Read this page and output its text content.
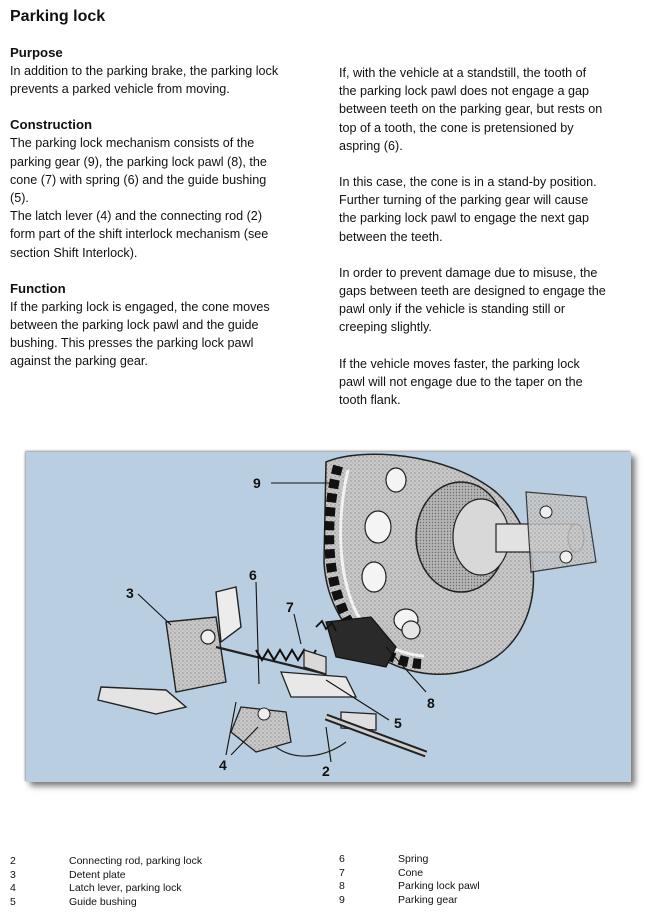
Parking lock
Purpose

In addition to the parking brake, the parking lock

prevents a parked vehicle from moving.

Construction

The parking lock mechanism consists of the

parking gear (9), the parking lock pawl (8), the

cone (7) with spring (6) and the guide bushing

(5).

The latch lever (4) and the connecting rod (2)

form part of the shift interlock mechanism (see

section Shift Interlock).

Function

If the parking lock is engaged, the cone moves

between the parking lock pawl and the guide

bushing. This presses the parking lock pawl

against the parking gear.

If, with the vehicle at a standstill, the tooth of

the parking lock pawl does not engage a gap

between teeth on the parking gear, but rests on

top of a tooth, the cone is pretensioned by

aspring (6).

In this case, the cone is in a stand-by position.

Further turning of the parking gear will cause

the parking lock pawl to engage the next gap

between the teeth.

In order to prevent damage due to misuse, the

gaps between teeth are designed to engage the

pawl only if the vehicle is standing still or

creeping slightly.

If the vehicle moves faster, the parking lock

pawl will not engage due to the taper on the

tooth flank.

9
6
3
7
8
5
4	2
2	Connecting rod, parking lock
3	Detent plate
4	Latch lever, parking lock
5	Guide bushing
6	Spring
7	Cone
8	Parking lock pawl
9	Parking gear
